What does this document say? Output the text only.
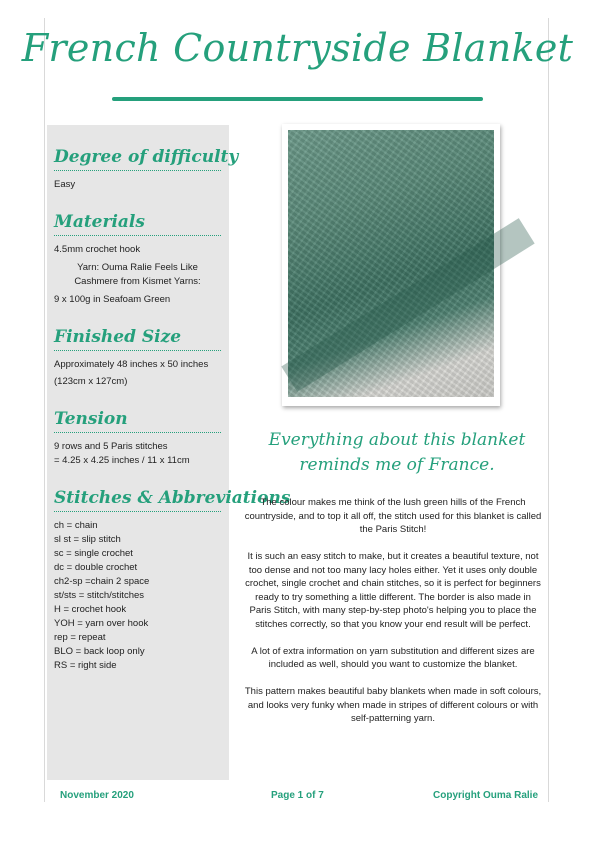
French Countryside Blanket
Degree of difficulty

Easy

Materials

4.5mm crochet hook

Yarn: Ouma Ralie Feels Like Cashmere from Kismet Yarns:

9 x 100g in Seafoam Green

Finished Size

Approximately 48 inches x 50 inches

(123cm x 127cm)

Tension

9 rows and 5 Paris stitches

= 4.25 x 4.25 inches / 11 x 11cm

Stitches & Abbreviations

ch = chain

sl st = slip stitch

sc = single crochet

dc = double crochet

ch2-sp =chain 2 space

st/sts = stitch/stitches

H = crochet hook

YOH = yarn over hook

rep = repeat

BLO = back loop only

RS = right side

Everything about this blanket
reminds me of France.

The colour makes me think of the lush green hills of the French countryside, and to top it all off, the stitch used for this blanket is called the Paris Stitch!

It is such an easy stitch to make, but it creates a beautiful texture, not too dense and not too many lacy holes either. Yet it uses only double crochet, single crochet and chain stitches, so it is perfect for beginners ready to try something a little different. The border is also made in Paris Stitch, with many step-by-step photo's helping you to place the stitches correctly, so that you know your end result will be perfect.

A lot of extra information on yarn substitution and different sizes are included as well, should you want to customize the blanket.

This pattern makes beautiful baby blankets when made in soft colours, and looks very funky when made in stripes of different colours or with self-patterning yarn.

November 2020	Page 1 of 7	Copyright Ouma Ralie
